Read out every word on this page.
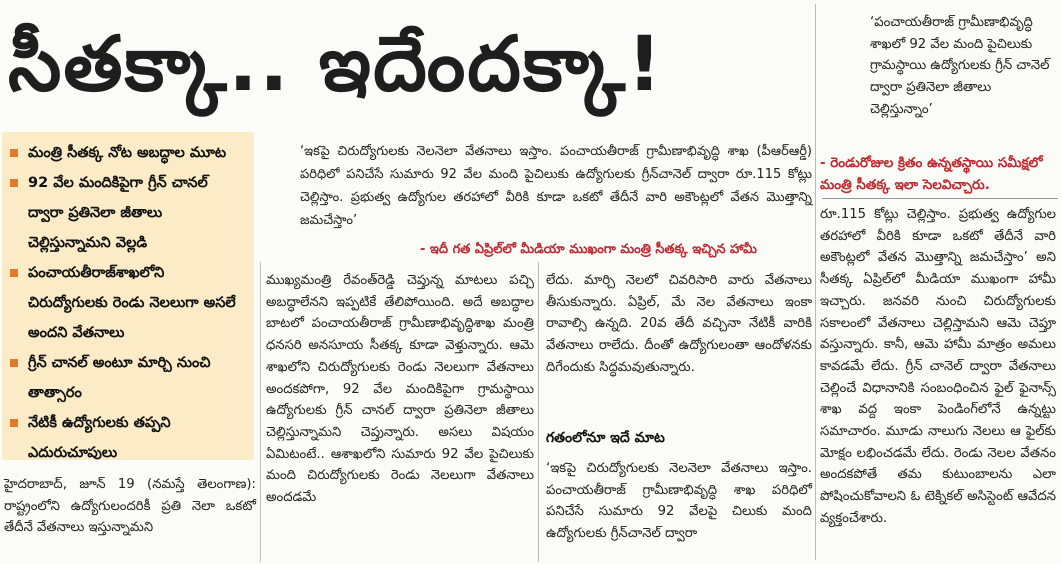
సీతక్కా.. ఇదేందక్కా!
మంత్రి సీతక్క నోట అబద్ధాల మూట
92 వేల మందికిపైగా గ్రీన్ చానల్ ద్వారా ప్రతినెలా జీతాలు చెల్లిస్తున్నామని వెల్లడి
పంచాయతీరాజ్‌శాఖలోని చిరుద్యోగులకు రెండు నెలలుగా అసలే అందని వేతనాలు
గ్రీన్ చానల్ అంటూ మార్చి నుంచి తాత్సారం
నేటికీ ఉద్యోగులకు తప్పని ఎదురుచూపులు
‘ఇకపై చిరుద్యోగులకు నెలనెలా వేతనాలు ఇస్తాం. పంచాయతీరాజ్ గ్రామీణాభివృద్ధి శాఖ (పీఆర్‌ఆర్డీ) పరిధిలో పనిచేసే సుమారు 92 వేల మంది పైచిలుకు ఉద్యోగులకు గ్రీన్‌చానెల్ ద్వారా రూ.115 కోట్లు చెల్లిస్తాం. ప్రభుత్వ ఉద్యోగుల తరహాలో వీరికి కూడా ఒకటో తేదీనే వారి అకౌంట్లలో వేతన మొత్తాన్ని జమచేస్తాం’
- ఇదీ గత ఏప్రిల్‌లో మీడియా ముఖంగా మంత్రి సీతక్క ఇచ్చిన హామీ
హైదరాబాద్, జూన్ 19 (నమస్తే తెలంగాణ): రాష్ట్రంలోని ఉద్యోగులందరికీ ప్రతి నెలా ఒకటో తేదీనే వేతనాలు ఇస్తున్నామని
ముఖ్యమంత్రి రేవంత్‌రెడ్డి చెప్తున్న మాటలు పచ్చి అబద్ధాలేనని ఇప్పటికే తేలిపోయింది. అదే అబద్ధాల బాటలో పంచాయతీరాజ్ గ్రామీణాభివృద్ధిశాఖ మంత్రి ధనసరి అనసూయ సీతక్క కూడా వెళ్తున్నారు. ఆమె శాఖలోని చిరుద్యోగులకు రెండు నెలలుగా వేతనాలు అందకపోగా, 92 వేల మందికిపైగా గ్రామస్థాయి ఉద్యోగులకు గ్రీన్ చానల్ ద్వారా ప్రతినెలా జీతాలు చెల్లిస్తున్నామని చెప్తున్నారు. అసలు విషయం ఏమిటంటే.. ఆశాఖలోని సుమారు 92 వేల పైచిలుకు మంది చిరుద్యోగులకు రెండు నెలలుగా వేతనాలు అందడమే
లేదు. మార్చి నెలలో చివరిసారి వారు వేతనాలు తీసుకున్నారు. ఏప్రిల్, మే నెల వేతనాలు ఇంకా రావాల్సి ఉన్నది. 20వ తేదీ వచ్చినా నేటికీ వారికి వేతనాలు రాలేదు. దీంతో ఉద్యోగులంతా ఆందోళనకు దిగేందుకు సిద్ధమవుతున్నారు.
గతంలోనూ ఇదే మాట
‘ఇకపై చిరుద్యోగులకు నెలనెలా వేతనాలు ఇస్తాం. పంచాయతీరాజ్ గ్రామీణాభివృద్ధి శాఖ పరిధిలో పనిచేసే సుమారు 92 వేలపై చిలుకు మంది ఉద్యోగులకు గ్రీన్‌చానెల్ ద్వారా
రూ.115 కోట్లు చెల్లిస్తాం. ప్రభుత్వ ఉద్యోగుల తరహాలో వీరికి కూడా ఒకటో తేదీనే వారి అకౌంట్లలో వేతన మొత్తాన్ని జమచేస్తాం’ అని సీతక్క ఏప్రిల్‌లో మీడియా ముఖంగా హామీ ఇచ్చారు. జనవరి నుంచి చిరుద్యోగులకు సకాలంలో వేతనాలు చెల్లిస్తామని ఆమె చెప్తూ వస్తున్నారు. కానీ, ఆమె హామీ మాత్రం అమలు కావడమే లేదు. గ్రీన్ చానెల్ ద్వారా వేతనాలు చెల్లించే విధానానికి సంబంధించిన ఫైల్ ఫైనాన్స్ శాఖ వద్ద ఇంకా పెండింగ్‌లోనే ఉన్నట్టు సమాచారం. మూడు నాలుగు నెలలు ఆ ఫైల్‌కు మోక్షం లభించడమే లేదు. రెండు నెలల వేతనం అందకపోతే తమ కుటుంబాలను ఎలా పోషించుకోవాలని ఓ టెక్నికల్ అసిస్టెంట్ ఆవేదన వ్యక్తంచేశారు.
‘పంచాయతీరాజ్ గ్రామీణాభివృద్ధి శాఖలో 92 వేల మంది పైచిలుకు గ్రామస్థాయి ఉద్యోగులకు గ్రీన్ చానెల్ ద్వారా ప్రతినెలా జీతాలు చెల్లిస్తున్నాం’
- రెండురోజుల క్రితం ఉన్నతస్థాయి సమీక్షలో మంత్రి సీతక్క ఇలా సెలవిచ్చారు.
